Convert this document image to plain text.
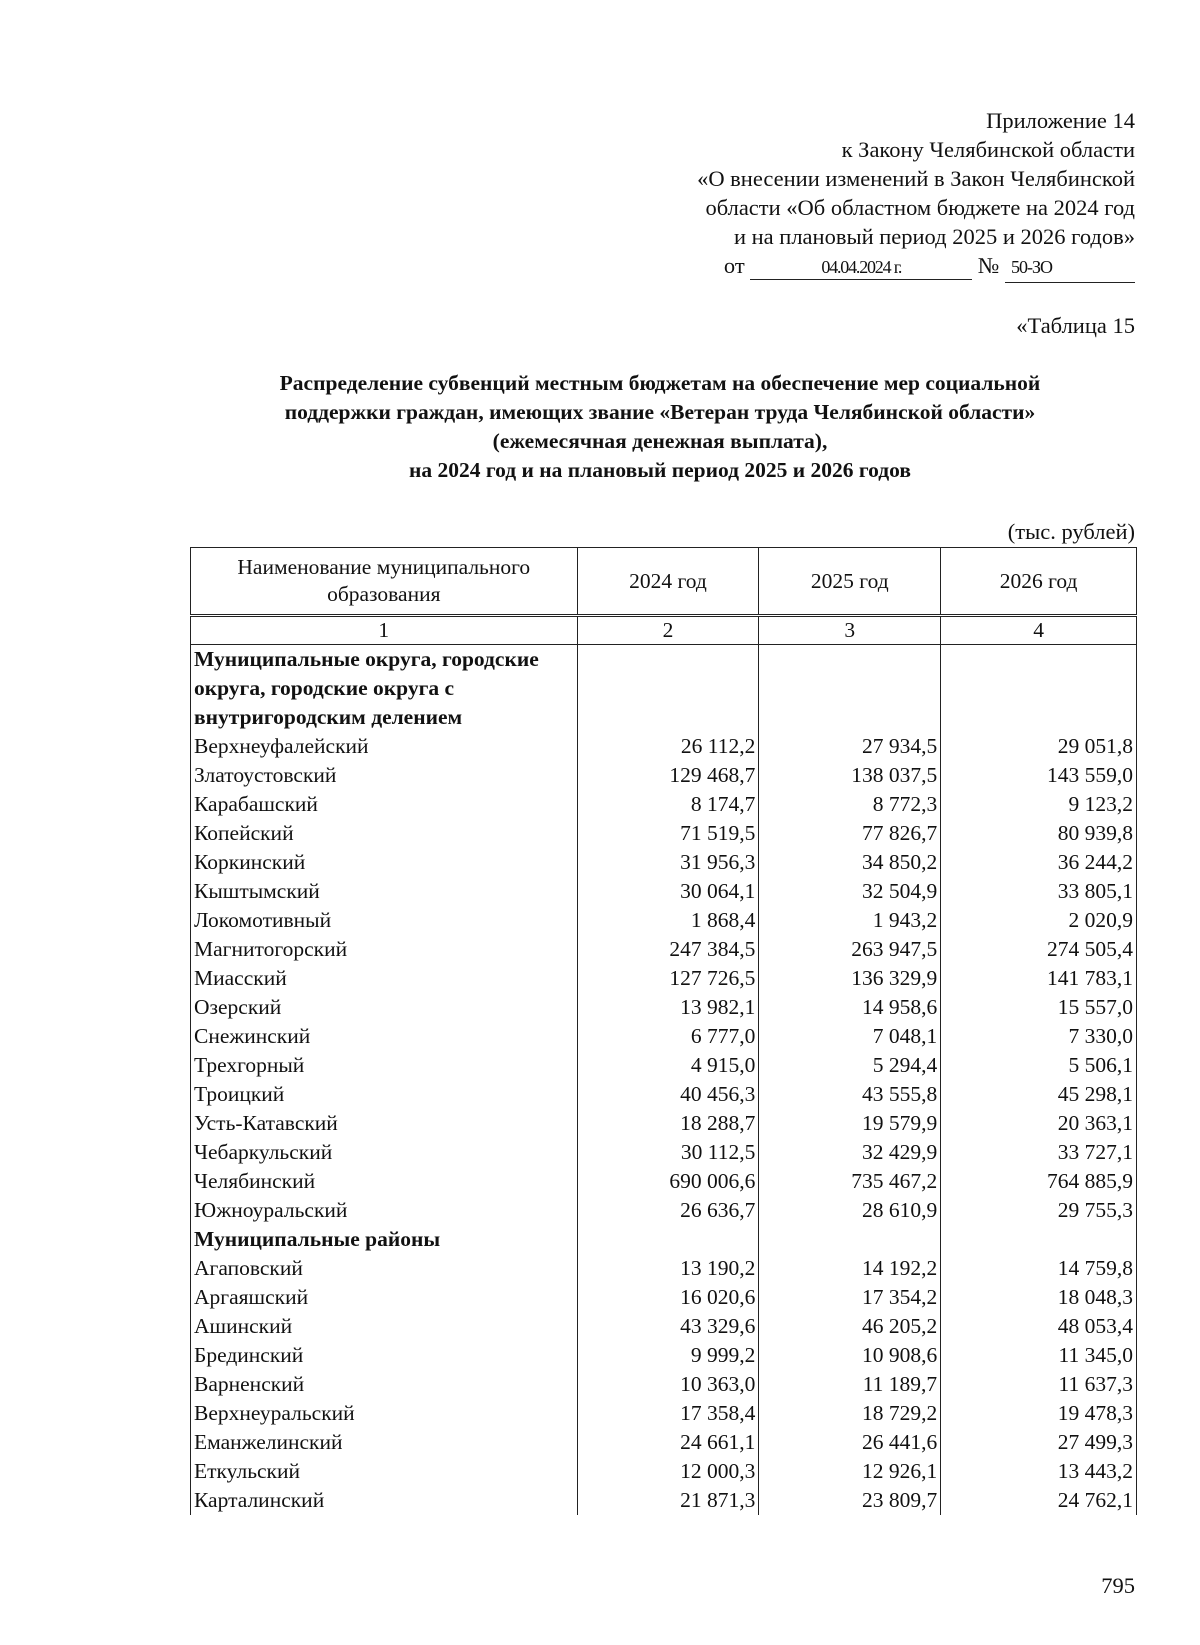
Приложение 14
к Закону Челябинской области
«О внесении изменений в Закон Челябинской
области «Об областном бюджете на 2024 год
и на плановый период 2025 и 2026 годов»
от	04.04.2024 г.	№ 50-ЗО
«Таблица 15
Распределение субвенций местным бюджетам на обеспечение мер социальной
поддержки граждан, имеющих звание «Ветеран труда Челябинской области»
(ежемесячная денежная выплата),
на 2024 год и на плановый период 2025 и 2026 годов
(тыс. рублей)
Наименование муниципального образования	2024 год	2025 год	2026 год
1	2	3	4
Муниципальные округа, городские округа, городские округа с внутригородским делением			
Верхнеуфалейский	26 112,2	27 934,5	29 051,8
Златоустовский	129 468,7	138 037,5	143 559,0
Карабашский	8 174,7	8 772,3	9 123,2
Копейский	71 519,5	77 826,7	80 939,8
Коркинский	31 956,3	34 850,2	36 244,2
Кыштымский	30 064,1	32 504,9	33 805,1
Локомотивный	1 868,4	1 943,2	2 020,9
Магнитогорский	247 384,5	263 947,5	274 505,4
Миасский	127 726,5	136 329,9	141 783,1
Озерский	13 982,1	14 958,6	15 557,0
Снежинский	6 777,0	7 048,1	7 330,0
Трехгорный	4 915,0	5 294,4	5 506,1
Троицкий	40 456,3	43 555,8	45 298,1
Усть-Катавский	18 288,7	19 579,9	20 363,1
Чебаркульский	30 112,5	32 429,9	33 727,1
Челябинский	690 006,6	735 467,2	764 885,9
Южноуральский	26 636,7	28 610,9	29 755,3
Муниципальные районы			
Агаповский	13 190,2	14 192,2	14 759,8
Аргаяшский	16 020,6	17 354,2	18 048,3
Ашинский	43 329,6	46 205,2	48 053,4
Брединский	9 999,2	10 908,6	11 345,0
Варненский	10 363,0	11 189,7	11 637,3
Верхнеуральский	17 358,4	18 729,2	19 478,3
Еманжелинский	24 661,1	26 441,6	27 499,3
Еткульский	12 000,3	12 926,1	13 443,2
Карталинский	21 871,3	23 809,7	24 762,1
795
